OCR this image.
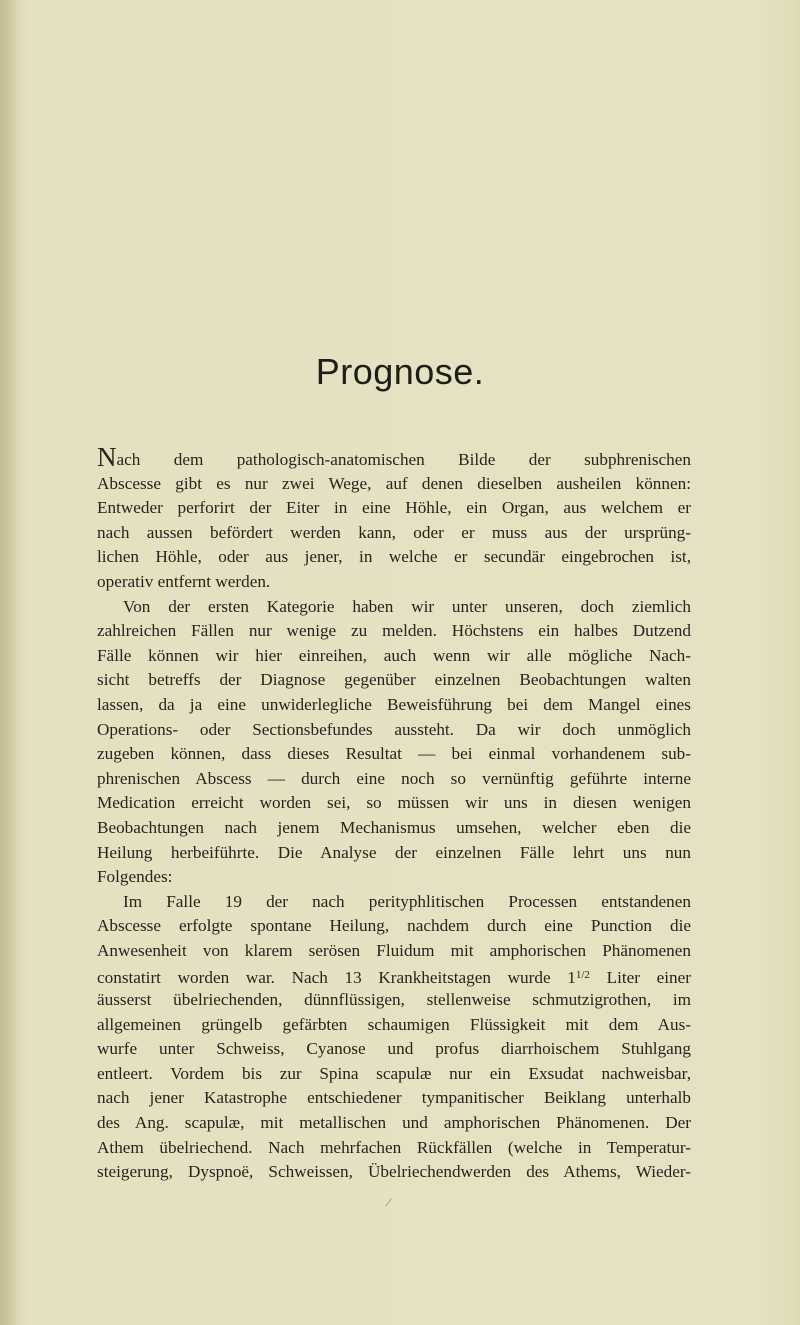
Prognose.
Nach dem pathologisch-anatomischen Bilde der subphrenischen
Abscesse gibt es nur zwei Wege, auf denen dieselben ausheilen können:
Entweder perforirt der Eiter in eine Höhle, ein Organ, aus welchem er
nach aussen befördert werden kann, oder er muss aus der ursprüng-
lichen Höhle, oder aus jener, in welche er secundär eingebrochen ist,
operativ entfernt werden.
Von der ersten Kategorie haben wir unter unseren, doch ziemlich
zahlreichen Fällen nur wenige zu melden. Höchstens ein halbes Dutzend
Fälle können wir hier einreihen, auch wenn wir alle mögliche Nach-
sicht betreffs der Diagnose gegenüber einzelnen Beobachtungen walten
lassen, da ja eine unwiderlegliche Beweisführung bei dem Mangel eines
Operations- oder Sectionsbefundes aussteht. Da wir doch unmöglich
zugeben können, dass dieses Resultat — bei einmal vorhandenem sub-
phrenischen Abscess — durch eine noch so vernünftig geführte interne
Medication erreicht worden sei, so müssen wir uns in diesen wenigen
Beobachtungen nach jenem Mechanismus umsehen, welcher eben die
Heilung herbeiführte. Die Analyse der einzelnen Fälle lehrt uns nun
Folgendes:
Im Falle 19 der nach perityphlitischen Processen entstandenen
Abscesse erfolgte spontane Heilung, nachdem durch eine Punction die
Anwesenheit von klarem serösen Fluidum mit amphorischen Phänomenen
constatirt worden war. Nach 13 Krankheitstagen wurde $1^{1/2}$ Liter einer
äusserst übelriechenden, dünnflüssigen, stellenweise schmutzigrothen, im
allgemeinen grüngelb gefärbten schaumigen Flüssigkeit mit dem Aus-
wurfe unter Schweiss, Cyanose und profus diarrhoischem Stuhlgang
entleert. Vordem bis zur Spina scapulæ nur ein Exsudat nachweisbar,
nach jener Katastrophe entschiedener tympanitischer Beiklang unterhalb
des Ang. scapulæ, mit metallischen und amphorischen Phänomenen. Der
Athem übelriechend. Nach mehrfachen Rückfällen (welche in Temperatur-
steigerung, Dyspnoë, Schweissen, Übelriechendwerden des Athems, Wieder-
/
